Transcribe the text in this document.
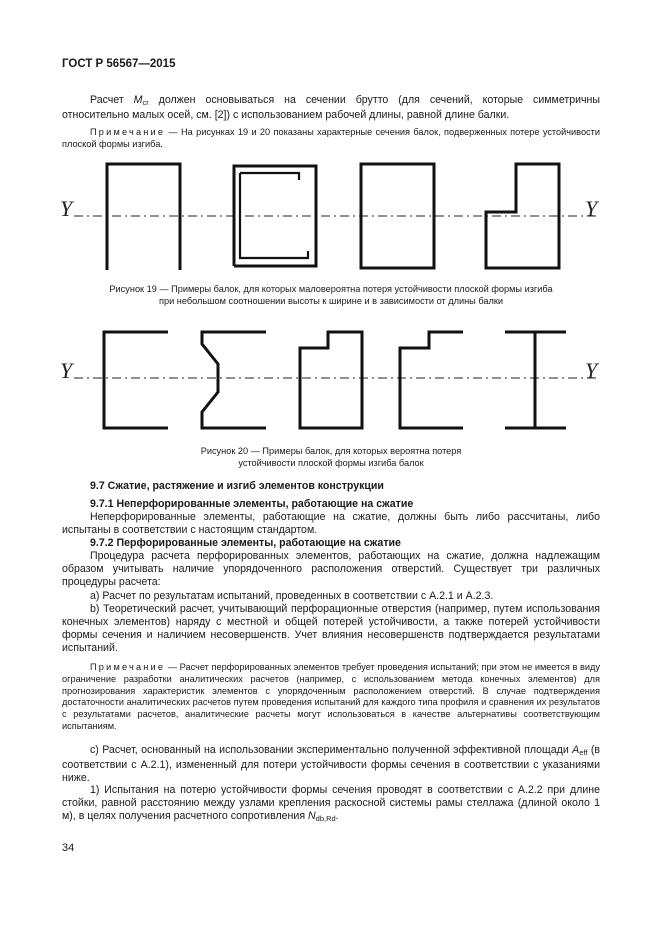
ГОСТ Р 56567—2015
Расчет $M_{cr}$ должен основываться на сечении брутто (для сечений, которые симметричны относительно малых осей, см. [2]) с использованием рабочей длины, равной длине балки.
Примечание — На рисунках 19 и 20 показаны характерные сечения балок, подверженных потере устойчивости плоской формы изгиба.
Y	Y
Рисунок 19 — Примеры балок, для которых маловероятна потеря устойчивости плоской формы изгиба
при небольшом соотношении высоты к ширине и в зависимости от длины балки
Y	Y
Рисунок 20 — Примеры балок, для которых вероятна потеря
устойчивости плоской формы изгиба балок
9.7 Сжатие, растяжение и изгиб элементов конструкции
9.7.1 Неперфорированные элементы, работающие на сжатие
Неперфорированные элементы, работающие на сжатие, должны быть либо рассчитаны, либо испытаны в соответствии с настоящим стандартом.
9.7.2 Перфорированные элементы, работающие на сжатие
Процедура расчета перфорированных элементов, работающих на сжатие, должна надлежащим образом учитывать наличие упорядоченного расположения отверстий. Существует три различных процедуры расчета:
а) Расчет по результатам испытаний, проведенных в соответствии с А.2.1 и А.2.3.
b) Теоретический расчет, учитывающий перфорационные отверстия (например, путем использования конечных элементов) наряду с местной и общей потерей устойчивости, а также потерей устойчивости формы сечения и наличием несовершенств. Учет влияния несовершенств подтверждается результатами испытаний.
Примечание — Расчет перфорированных элементов требует проведения испытаний; при этом не имеется в виду ограничение разработки аналитических расчетов (например, с использованием метода конечных элементов) для прогнозирования характеристик элементов с упорядоченным расположением отверстий. В случае подтверждения достаточности аналитических расчетов путем проведения испытаний для каждого типа профиля и сравнения их результатов с результатами расчетов, аналитические расчеты могут использоваться в качестве альтернативы соответствующим испытаниям.
с) Расчет, основанный на использовании экспериментально полученной эффективной площади $A_{eff}$ (в соответствии с А.2.1), измененный для потери устойчивости формы сечения в соответствии с указаниями ниже.
1) Испытания на потерю устойчивости формы сечения проводят в соответствии с А.2.2 при длине стойки, равной расстоянию между узлами крепления раскосной системы рамы стеллажа (длиной около 1 м), в целях получения расчетного сопротивления $N_{db,Rd}$.
34
